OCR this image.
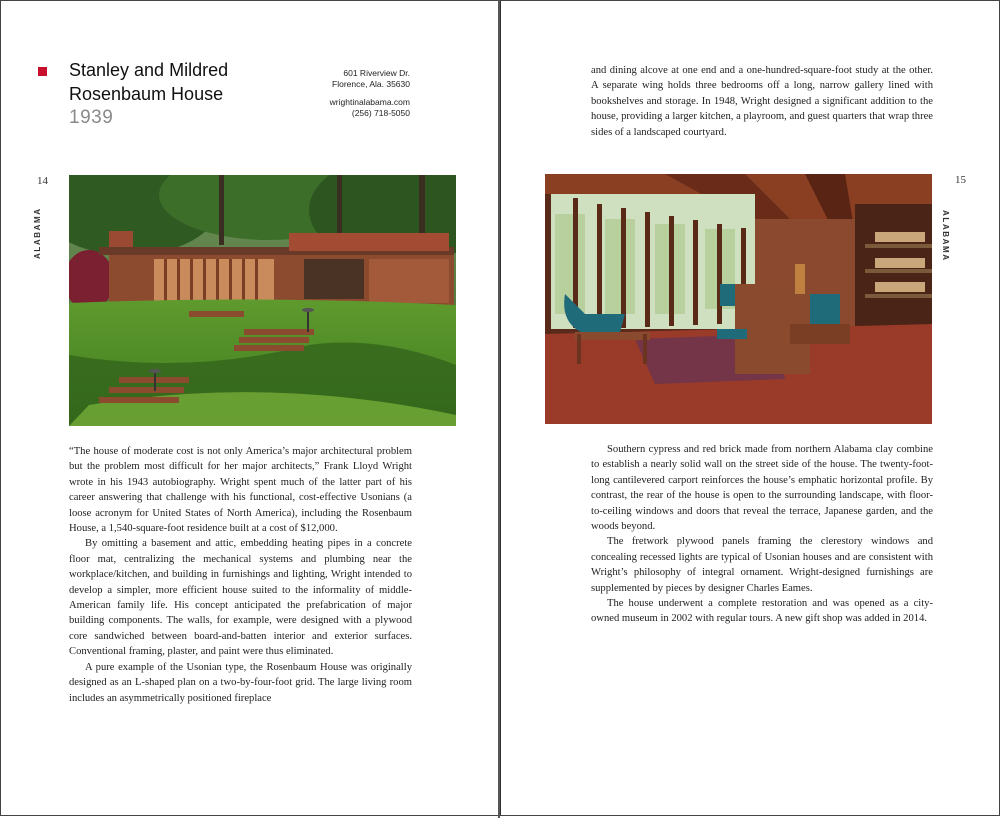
Stanley and Mildred
Rosenbaum House
1939
601 Riverview Dr.
Florence, Ala. 35630
wrightinalabama.com
(256) 718-5050
14
ALABAMA

“The house of moderate cost is not only America’s major architectural problem but the problem most difficult for her major architects,” Frank Lloyd Wright wrote in his 1943 autobiography. Wright spent much of the latter part of his career answering that challenge with his functional, cost-effective Usonians (a loose acronym for United States of North America), including the Rosenbaum House, a 1,540-square-foot residence built at a cost of $12,000.

By omitting a basement and attic, embedding heating pipes in a concrete floor mat, centralizing the mechanical systems and plumbing near the workplace/kitchen, and building in furnishings and lighting, Wright intended to develop a simpler, more efficient house suited to the informality of middle-American family life. His concept anticipated the prefabrication of major building components. The walls, for example, were designed with a plywood core sandwiched between board-and-batten interior and exterior surfaces. Conventional framing, plaster, and paint were thus eliminated.

A pure example of the Usonian type, the Rosenbaum House was originally designed as an L-shaped plan on a two-by-four-foot grid. The large living room includes an asymmetrically positioned fireplace

and dining alcove at one end and a one-hundred-square-foot study at the other. A separate wing holds three bedrooms off a long, narrow gallery lined with bookshelves and storage. In 1948, Wright designed a significant addition to the house, providing a larger kitchen, a playroom, and guest quarters that wrap three sides of a landscaped courtyard.

15
ALABAMA

Southern cypress and red brick made from northern Alabama clay combine to establish a nearly solid wall on the street side of the house. The twenty-foot-long cantilevered carport reinforces the house’s emphatic horizontal profile. By contrast, the rear of the house is open to the surrounding landscape, with floor-to-ceiling windows and doors that reveal the terrace, Japanese garden, and the woods beyond.

The fretwork plywood panels framing the clerestory windows and concealing recessed lights are typical of Usonian houses and are consistent with Wright’s philosophy of integral ornament. Wright-designed furnishings are supplemented by pieces by designer Charles Eames.

The house underwent a complete restoration and was opened as a city-owned museum in 2002 with regular tours. A new gift shop was added in 2014.
